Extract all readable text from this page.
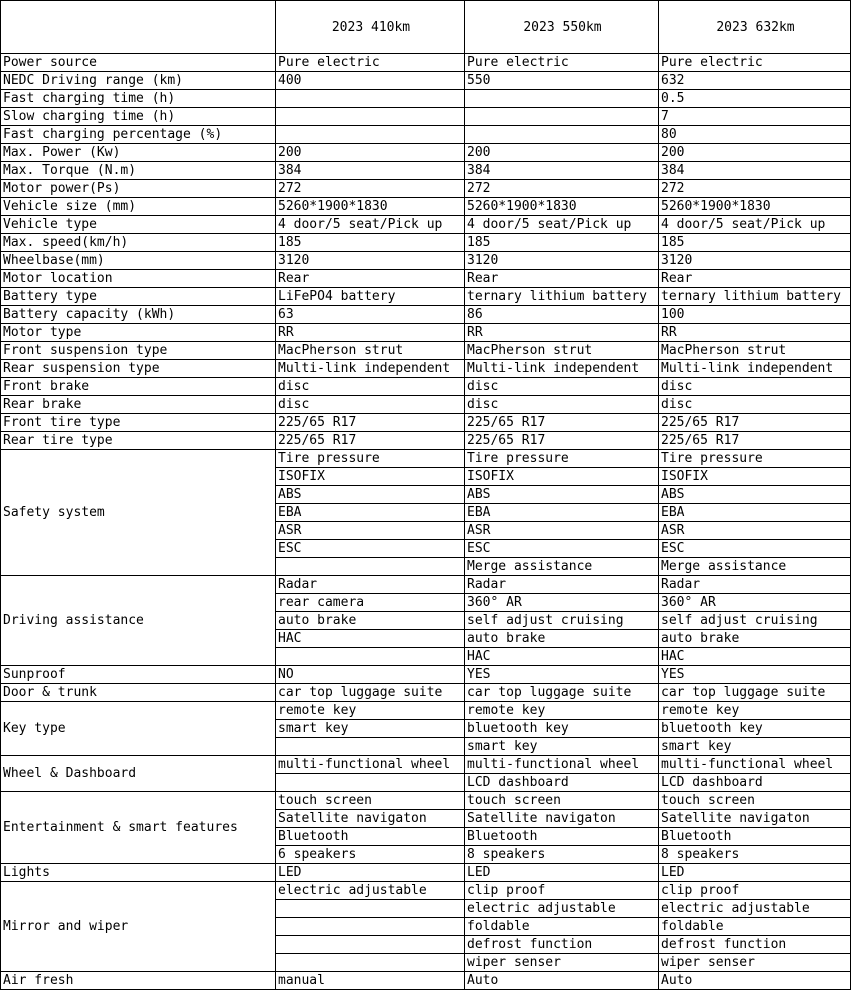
	2023 410km	2023 550km	2023 632km
Power source	Pure electric	Pure electric	Pure electric
NEDC Driving range (km)	400	550	632
Fast charging time (h)			0.5
Slow charging time (h)			7
Fast charging percentage (%)			80
Max. Power (Kw)	200	200	200
Max. Torque (N.m)	384	384	384
Motor power(Ps)	272	272	272
Vehicle size (mm)	5260*1900*1830	5260*1900*1830	5260*1900*1830
Vehicle type	4 door/5 seat/Pick up	4 door/5 seat/Pick up	4 door/5 seat/Pick up
Max. speed(km/h)	185	185	185
Wheelbase(mm)	3120	3120	3120
Motor location	Rear	Rear	Rear
Battery type	LiFePO4 battery	ternary lithium battery	ternary lithium battery
Battery capacity (kWh)	63	86	100
Motor type	RR	RR	RR
Front suspension type	MacPherson strut	MacPherson strut	MacPherson strut
Rear suspension type	Multi-link independent	Multi-link independent	Multi-link independent
Front brake	disc	disc	disc
Rear brake	disc	disc	disc
Front tire type	225/65 R17	225/65 R17	225/65 R17
Rear tire type	225/65 R17	225/65 R17	225/65 R17
Safety system	Tire pressure	Tire pressure	Tire pressure
	ISOFIX	ISOFIX	ISOFIX
	ABS	ABS	ABS
	EBA	EBA	EBA
	ASR	ASR	ASR
	ESC	ESC	ESC
		Merge assistance	Merge assistance
Driving assistance	Radar	Radar	Radar
	rear camera	360° AR	360° AR
	auto brake	self adjust cruising	self adjust cruising
	HAC	auto brake	auto brake
		HAC	HAC
Sunproof	NO	YES	YES
Door & trunk	car top luggage suite	car top luggage suite	car top luggage suite
Key type	remote key	remote key	remote key
	smart key	bluetooth key	bluetooth key
		smart key	smart key
Wheel & Dashboard	multi-functional wheel	multi-functional wheel	multi-functional wheel
		LCD dashboard	LCD dashboard
Entertainment & smart features	touch screen	touch screen	touch screen
	Satellite navigaton	Satellite navigaton	Satellite navigaton
	Bluetooth	Bluetooth	Bluetooth
	6 speakers	8 speakers	8 speakers
Lights	LED	LED	LED
Mirror and wiper	electric adjustable	clip proof	clip proof
		electric adjustable	electric adjustable
		foldable	foldable
		defrost function	defrost function
		wiper senser	wiper senser
Air fresh	manual	Auto	Auto
